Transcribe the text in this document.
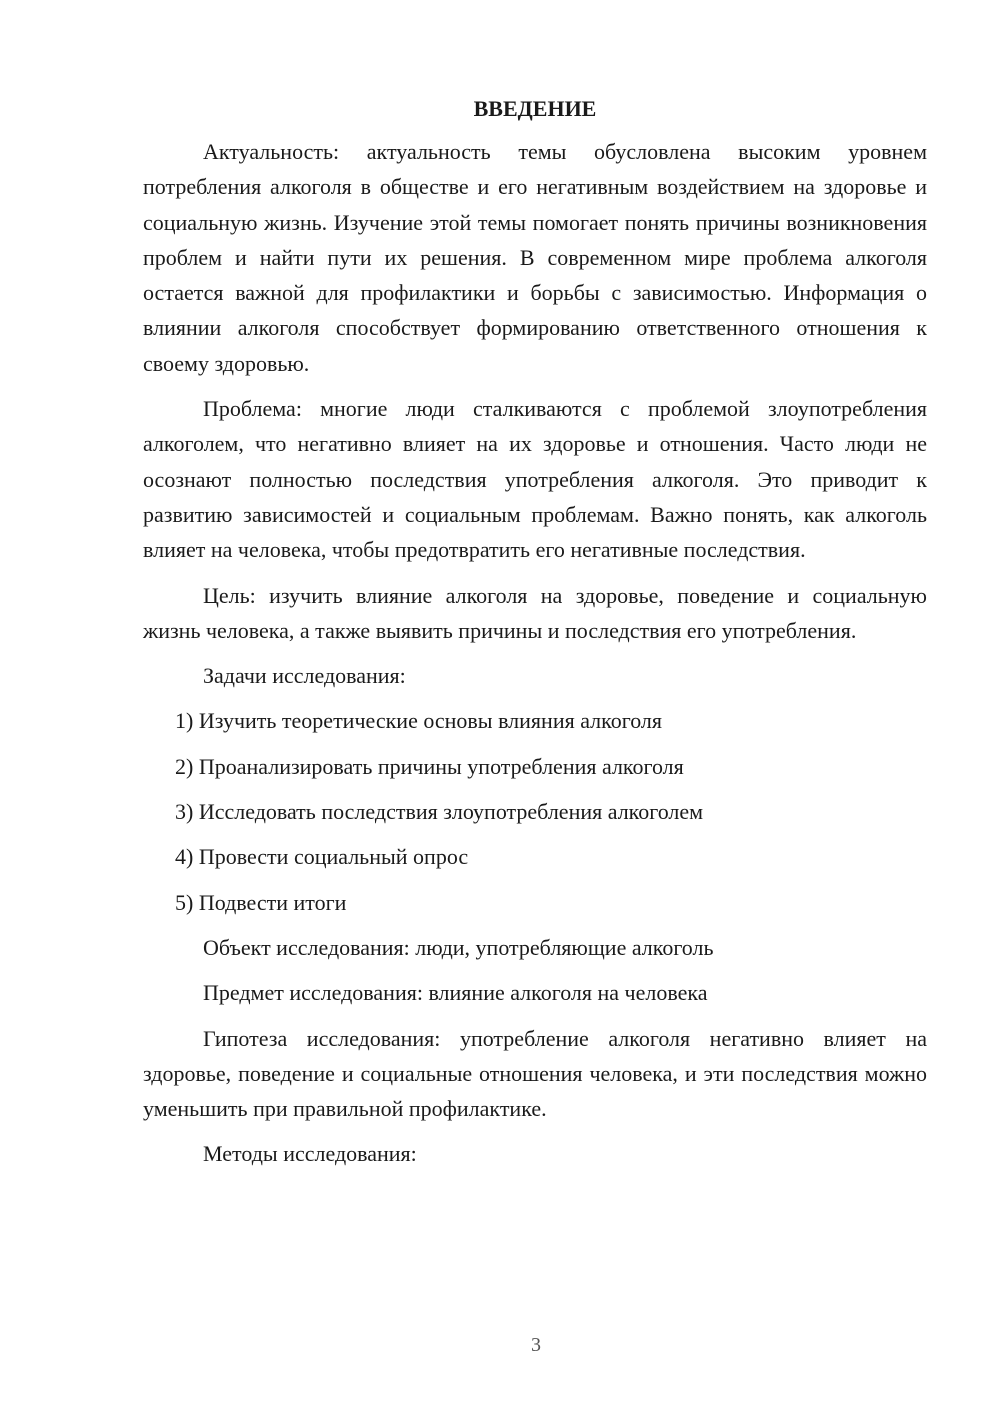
ВВЕДЕНИЕ

Актуальность: актуальность темы обусловлена высоким уровнем потребления алкоголя в обществе и его негативным воздействием на здоровье и социальную жизнь. Изучение этой темы помогает понять причины возникновения проблем и найти пути их решения. В современном мире проблема алкоголя остается важной для профилактики и борьбы с зависимостью. Информация о влиянии алкоголя способствует формированию ответственного отношения к своему здоровью.

Проблема: многие люди сталкиваются с проблемой злоупотребления алкоголем, что негативно влияет на их здоровье и отношения. Часто люди не осознают полностью последствия употребления алкоголя. Это приводит к развитию зависимостей и социальным проблемам. Важно понять, как алкоголь влияет на человека, чтобы предотвратить его негативные последствия.

Цель: изучить влияние алкоголя на здоровье, поведение и социальную жизнь человека, а также выявить причины и последствия его употребления.

Задачи исследования:

1) Изучить теоретические основы влияния алкоголя
2) Проанализировать причины употребления алкоголя
3) Исследовать последствия злоупотребления алкоголем
4) Провести социальный опрос
5) Подвести итоги

Объект исследования: люди, употребляющие алкоголь

Предмет исследования: влияние алкоголя на человека

Гипотеза исследования: употребление алкоголя негативно влияет на здоровье, поведение и социальные отношения человека, и эти последствия можно уменьшить при правильной профилактике.

Методы исследования:

3
